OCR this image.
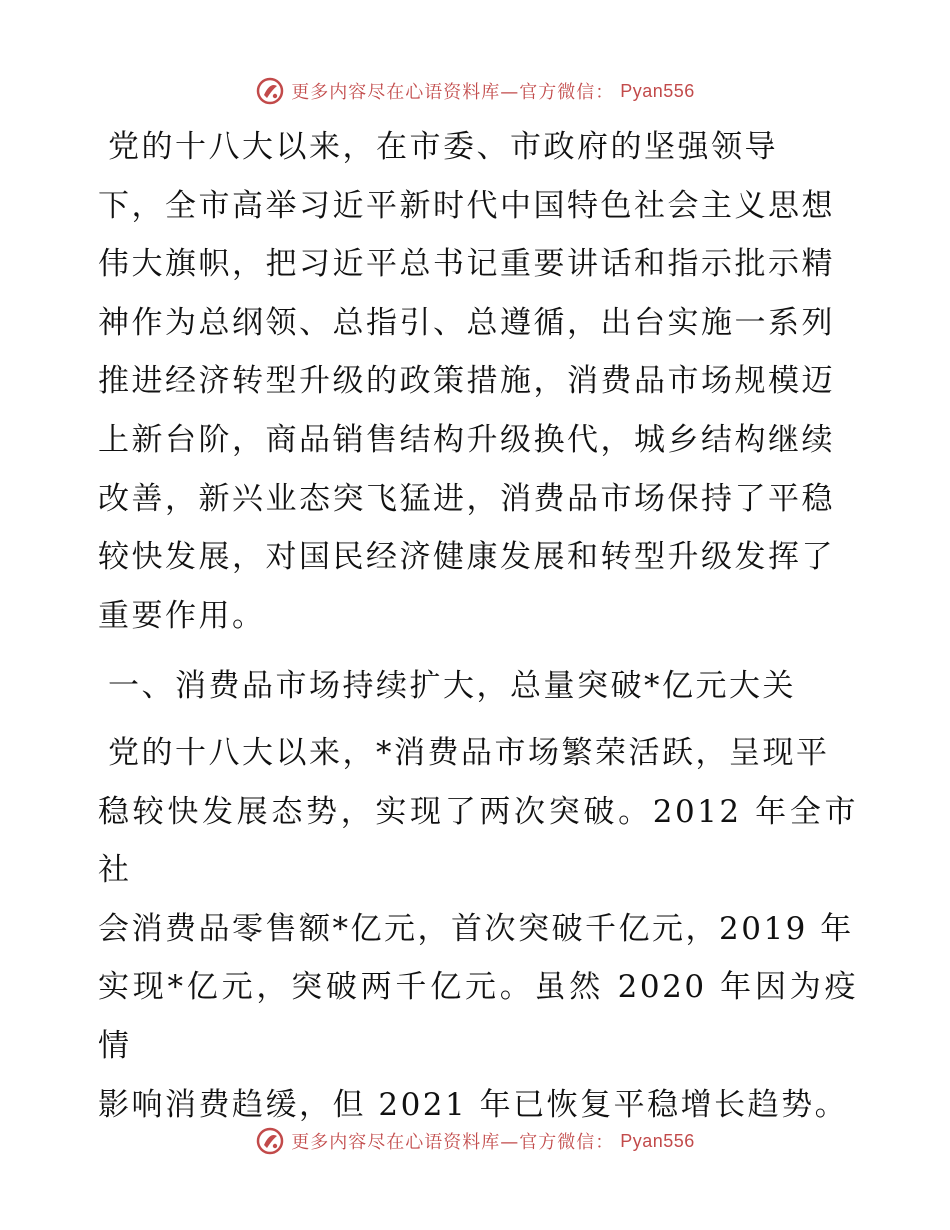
更多内容尽在心语资料库—官方微信： Pyan556
党的十八大以来，在市委、市政府的坚强领导
下，全市高举习近平新时代中国特色社会主义思想
伟大旗帜，把习近平总书记重要讲话和指示批示精
神作为总纲领、总指引、总遵循，出台实施一系列
推进经济转型升级的政策措施，消费品市场规模迈
上新台阶，商品销售结构升级换代，城乡结构继续
改善，新兴业态突飞猛进，消费品市场保持了平稳
较快发展，对国民经济健康发展和转型升级发挥了
重要作用。
一、消费品市场持续扩大，总量突破*亿元大关
党的十八大以来，*消费品市场繁荣活跃，呈现平
稳较快发展态势，实现了两次突破。2012 年全市社
会消费品零售额*亿元，首次突破千亿元，2019 年
实现*亿元，突破两千亿元。虽然 2020 年因为疫情
影响消费趋缓，但 2021 年已恢复平稳增长趋势。
更多内容尽在心语资料库—官方微信： Pyan556
